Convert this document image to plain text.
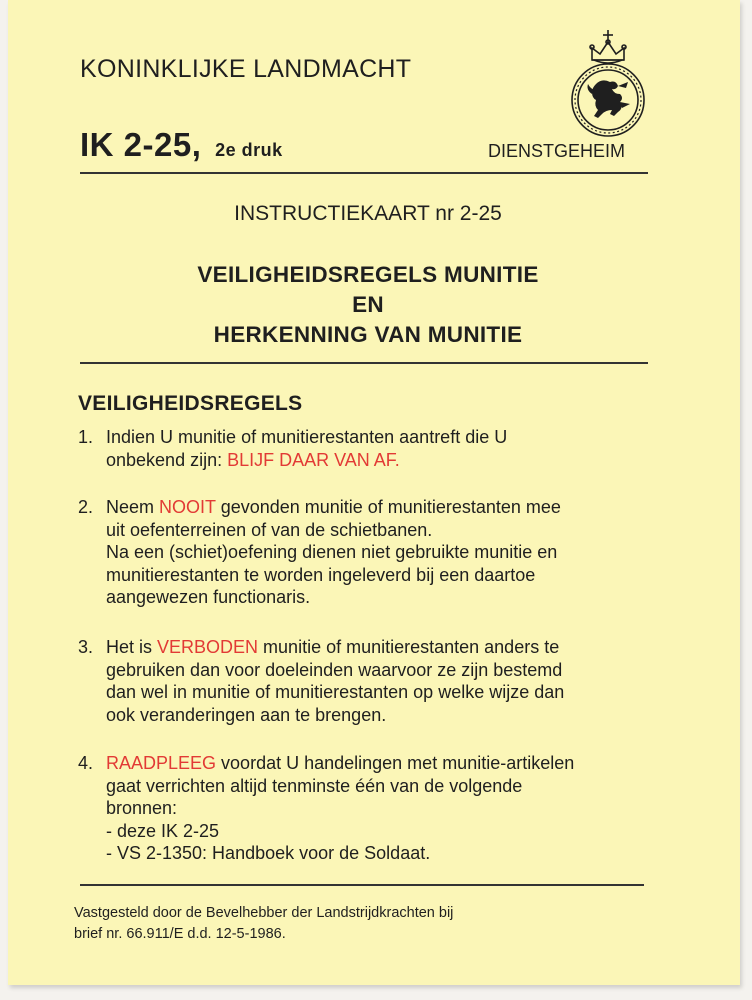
KONINKLIJKE LANDMACHT
IK 2-25, 2e druk	DIENSTGEHEIM
INSTRUCTIEKAART nr 2-25
VEILIGHEIDSREGELS MUNITIE
EN
HERKENNING VAN MUNITIE
VEILIGHEIDSREGELS
1. Indien U munitie of munitierestanten aantreft die U
onbekend zijn: BLIJF DAAR VAN AF.
2. Neem NOOIT gevonden munitie of munitierestanten mee
uit oefenterreinen of van de schietbanen.
Na een (schiet)oefening dienen niet gebruikte munitie en
munitierestanten te worden ingeleverd bij een daartoe
aangewezen functionaris.
3. Het is VERBODEN munitie of munitierestanten anders te
gebruiken dan voor doeleinden waarvoor ze zijn bestemd
dan wel in munitie of munitierestanten op welke wijze dan
ook veranderingen aan te brengen.
4. RAADPLEEG voordat U handelingen met munitie-artikelen
gaat verrichten altijd tenminste één van de volgende
bronnen:
- deze IK 2-25
- VS 2-1350: Handboek voor de Soldaat.
Vastgesteld door de Bevelhebber der Landstrijdkrachten bij
brief nr. 66.911/E d.d. 12-5-1986.
